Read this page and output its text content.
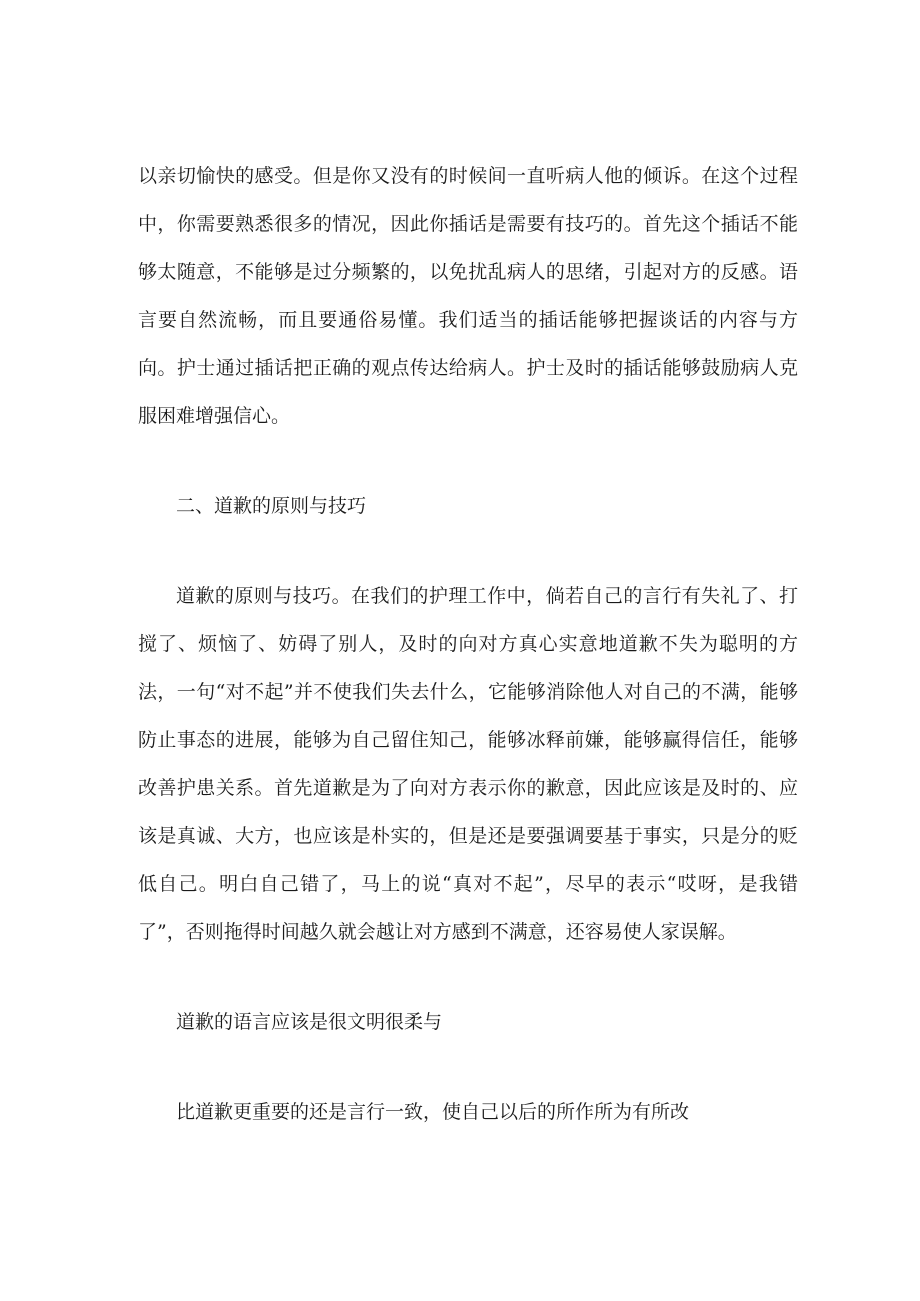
以亲切愉快的感受。但是你又没有的时候间一直听病人他的倾诉。在这个过程中，你需要熟悉很多的情况，因此你插话是需要有技巧的。首先这个插话不能够太随意，不能够是过分频繁的，以免扰乱病人的思绪，引起对方的反感。语言要自然流畅，而且要通俗易懂。我们适当的插话能够把握谈话的内容与方向。护士通过插话把正确的观点传达给病人。护士及时的插话能够鼓励病人克服困难增强信心。

二、道歉的原则与技巧

道歉的原则与技巧。在我们的护理工作中，倘若自己的言行有失礼了、打搅了、烦恼了、妨碍了别人，及时的向对方真心实意地道歉不失为聪明的方法，一句“对不起”并不使我们失去什么，它能够消除他人对自己的不满，能够防止事态的进展，能够为自己留住知己，能够冰释前嫌，能够赢得信任，能够改善护患关系。首先道歉是为了向对方表示你的歉意，因此应该是及时的、应该是真诚、大方，也应该是朴实的，但是还是要强调要基于事实，只是分的贬低自己。明白自己错了，马上的说“真对不起”，尽早的表示“哎呀，是我错了”，否则拖得时间越久就会越让对方感到不满意，还容易使人家误解。

道歉的语言应该是很文明很柔与

比道歉更重要的还是言行一致，使自己以后的所作所为有所改
